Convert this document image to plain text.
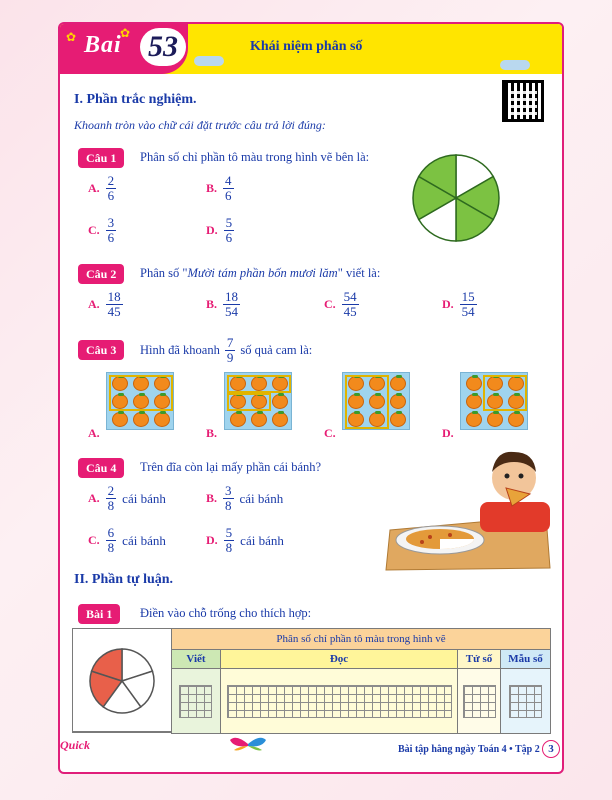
✿	✿
Bai 53	Khái niệm phân số
I. Phần trắc nghiệm.
Khoanh tròn vào chữ cái đặt trước câu trả lời đúng:
Câu 1	Phân số chỉ phần tô màu trong hình vẽ bên là:
A. $\frac{2}{6}$	B. $\frac{4}{6}$
C. $\frac{3}{6}$	D. $\frac{5}{6}$
Câu 2	Phân số "Mười tám phần bốn mươi lăm" viết là:
A. $\frac{18}{45}$	B. $\frac{18}{54}$	C. $\frac{54}{45}$	D. $\frac{15}{54}$
Câu 3	Hình đã khoanh $\frac{7}{9}$ số quả cam là:
A.	B.	C.	D.
Câu 4	Trên đĩa còn lại mấy phần cái bánh?
A. $\frac{2}{8}$ cái bánh	B. $\frac{3}{8}$ cái bánh
C. $\frac{6}{8}$ cái bánh	D. $\frac{5}{8}$ cái bánh
II. Phần tự luận.
Bài 1	Điền vào chỗ trống cho thích hợp:
Phân số chỉ phần tô màu trong hình vẽ
Viết	Đọc	Tử số	Mẫu số
Quick	Bài tập hằng ngày Toán 4 • Tập 2 3
